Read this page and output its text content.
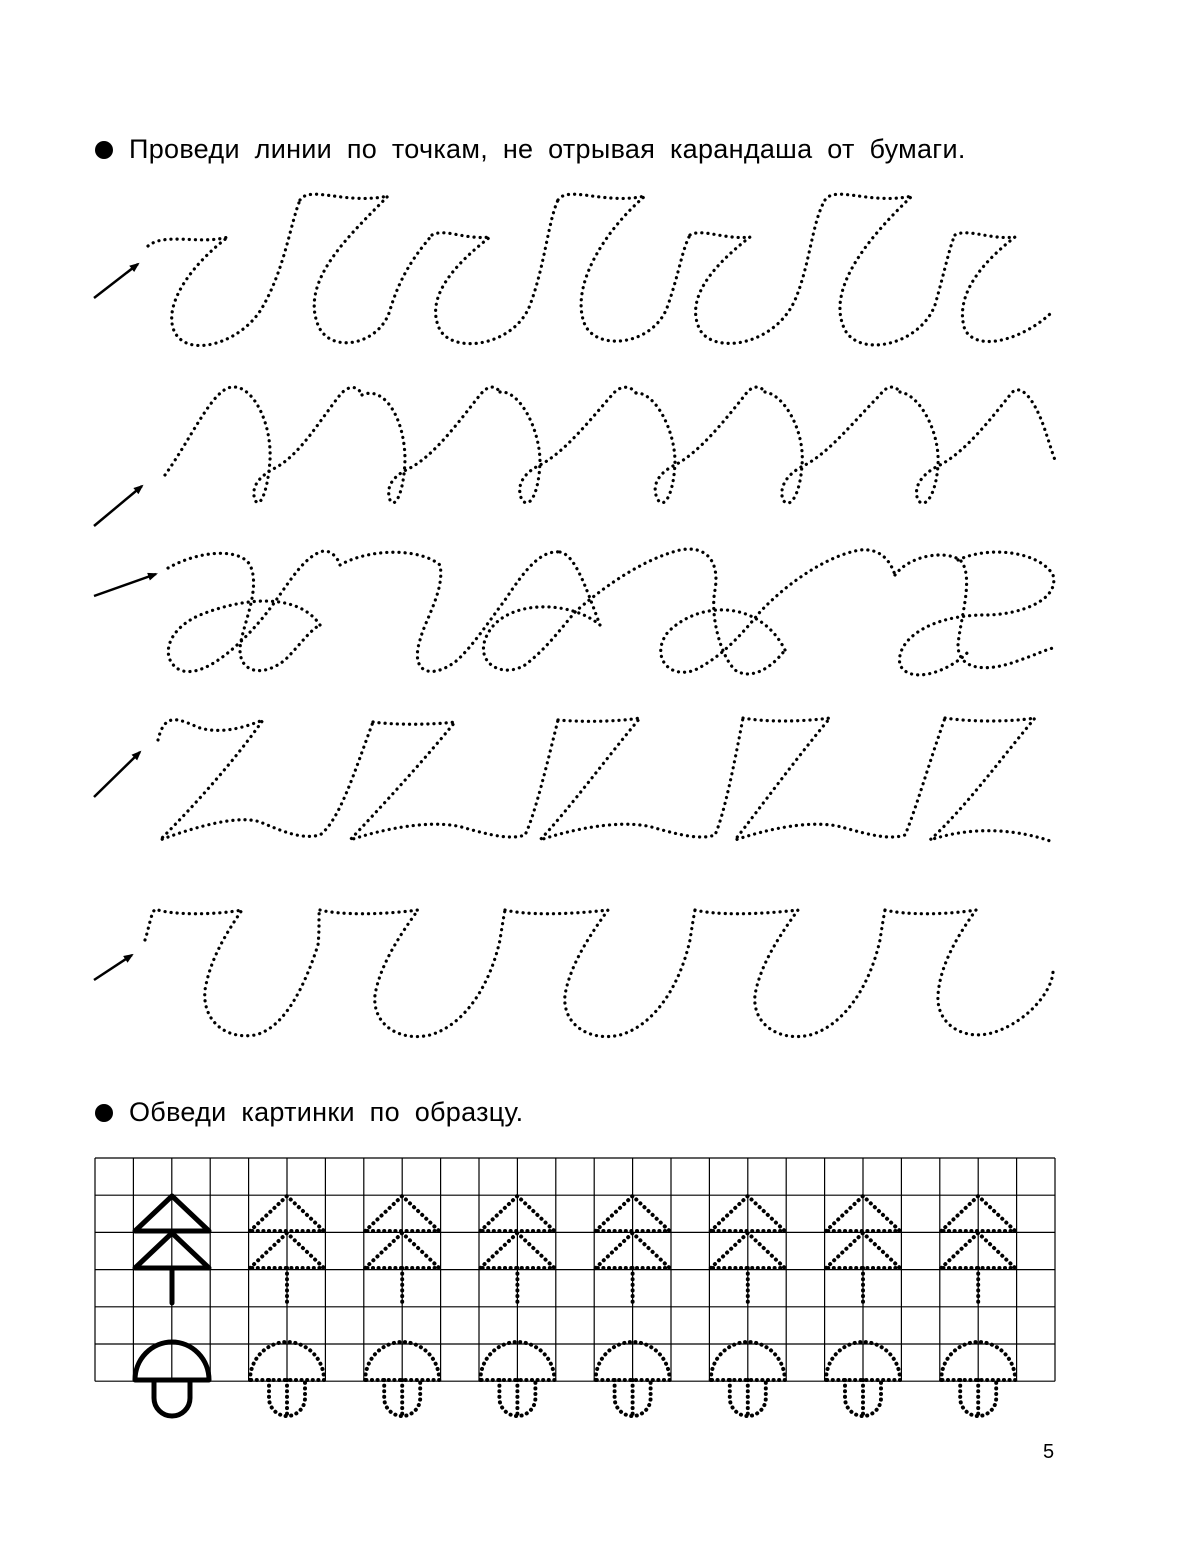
Проведи линии по точкам, не отрывая карандаша от бумаги.
Обведи картинки по образцу.
5
